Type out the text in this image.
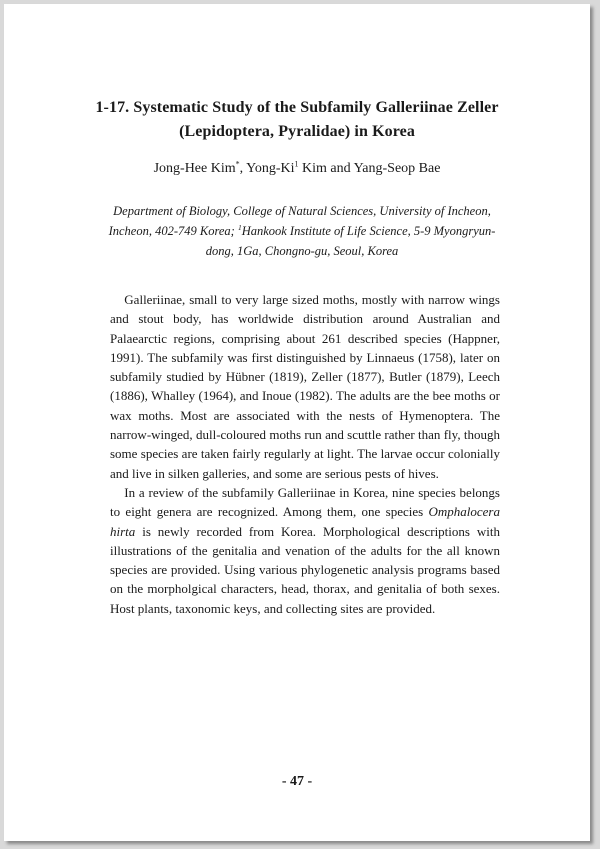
1-17. Systematic Study of the Subfamily Galleriinae Zeller
(Lepidoptera, Pyralidae) in Korea
Jong-Hee Kim*, Yong-Ki$^1$ Kim and Yang-Seop Bae
Department of Biology, College of Natural Sciences, University of Incheon, Incheon, 402-749 Korea; $^1$Hankook Institute of Life Science, 5-9 Myongryun-dong, 1Ga, Chongno-gu, Seoul, Korea

Galleriinae, small to very large sized moths, mostly with narrow wings and stout body, has worldwide distribution around Australian and Palaearctic regions, comprising about 261 described species (Happner, 1991). The subfamily was first distinguished by Linnaeus (1758), later on subfamily studied by Hübner (1819), Zeller (1877), Butler (1879), Leech (1886), Whalley (1964), and Inoue (1982). The adults are the bee moths or wax moths. Most are associated with the nests of Hymenoptera. The narrow-winged, dull-coloured moths run and scuttle rather than fly, though some species are taken fairly regularly at light. The larvae occur colonially and live in silken galleries, and some are serious pests of hives.

In a review of the subfamily Galleriinae in Korea, nine species belongs to eight genera are recognized. Among them, one species Omphalocera hirta is newly recorded from Korea. Morphological descriptions with illustrations of the genitalia and venation of the adults for the all known species are provided. Using various phylogenetic analysis programs based on the morpholgical characters, head, thorax, and genitalia of both sexes. Host plants, taxonomic keys, and collecting sites are provided.

- 47 -
